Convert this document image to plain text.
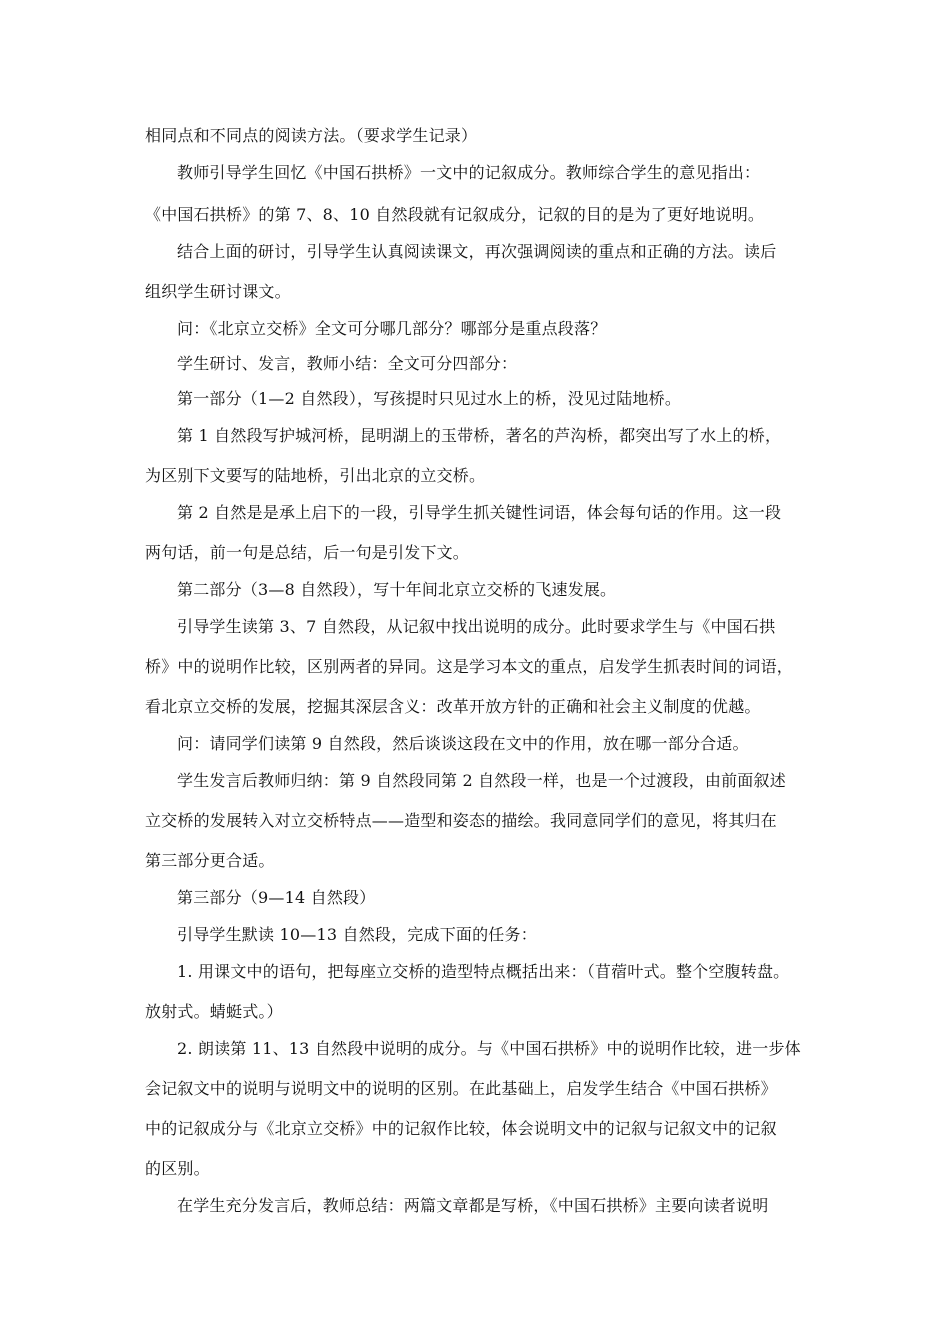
相同点和不同点的阅读方法。（要求学生记录）
教师引导学生回忆《中国石拱桥》一文中的记叙成分。教师综合学生的意见指出：
《中国石拱桥》的第 7、8、10 自然段就有记叙成分，记叙的目的是为了更好地说明。
结合上面的研讨，引导学生认真阅读课文，再次强调阅读的重点和正确的方法。读后
组织学生研讨课文。
问：《北京立交桥》全文可分哪几部分？哪部分是重点段落？
学生研讨、发言，教师小结：全文可分四部分：
第一部分（1—2 自然段），写孩提时只见过水上的桥，没见过陆地桥。
第 1 自然段写护城河桥，昆明湖上的玉带桥，著名的芦沟桥，都突出写了水上的桥，
为区别下文要写的陆地桥，引出北京的立交桥。
第 2 自然是是承上启下的一段，引导学生抓关键性词语，体会每句话的作用。这一段
两句话，前一句是总结，后一句是引发下文。
第二部分（3—8 自然段），写十年间北京立交桥的飞速发展。
引导学生读第 3、7 自然段，从记叙中找出说明的成分。此时要求学生与《中国石拱
桥》中的说明作比较，区别两者的异同。这是学习本文的重点，启发学生抓表时间的词语，
看北京立交桥的发展，挖掘其深层含义：改革开放方针的正确和社会主义制度的优越。
问：请同学们读第 9 自然段，然后谈谈这段在文中的作用，放在哪一部分合适。
学生发言后教师归纳：第 9 自然段同第 2 自然段一样，也是一个过渡段，由前面叙述
立交桥的发展转入对立交桥特点——造型和姿态的描绘。我同意同学们的意见，将其归在
第三部分更合适。
第三部分（9—14 自然段）
引导学生默读 10—13 自然段，完成下面的任务：
1. 用课文中的语句，把每座立交桥的造型特点概括出来：（苜蓿叶式。整个空腹转盘。
放射式。蜻蜓式。）
2. 朗读第 11、13 自然段中说明的成分。与《中国石拱桥》中的说明作比较，进一步体
会记叙文中的说明与说明文中的说明的区别。在此基础上，启发学生结合《中国石拱桥》
中的记叙成分与《北京立交桥》中的记叙作比较，体会说明文中的记叙与记叙文中的记叙
的区别。
在学生充分发言后，教师总结：两篇文章都是写桥，《中国石拱桥》主要向读者说明
